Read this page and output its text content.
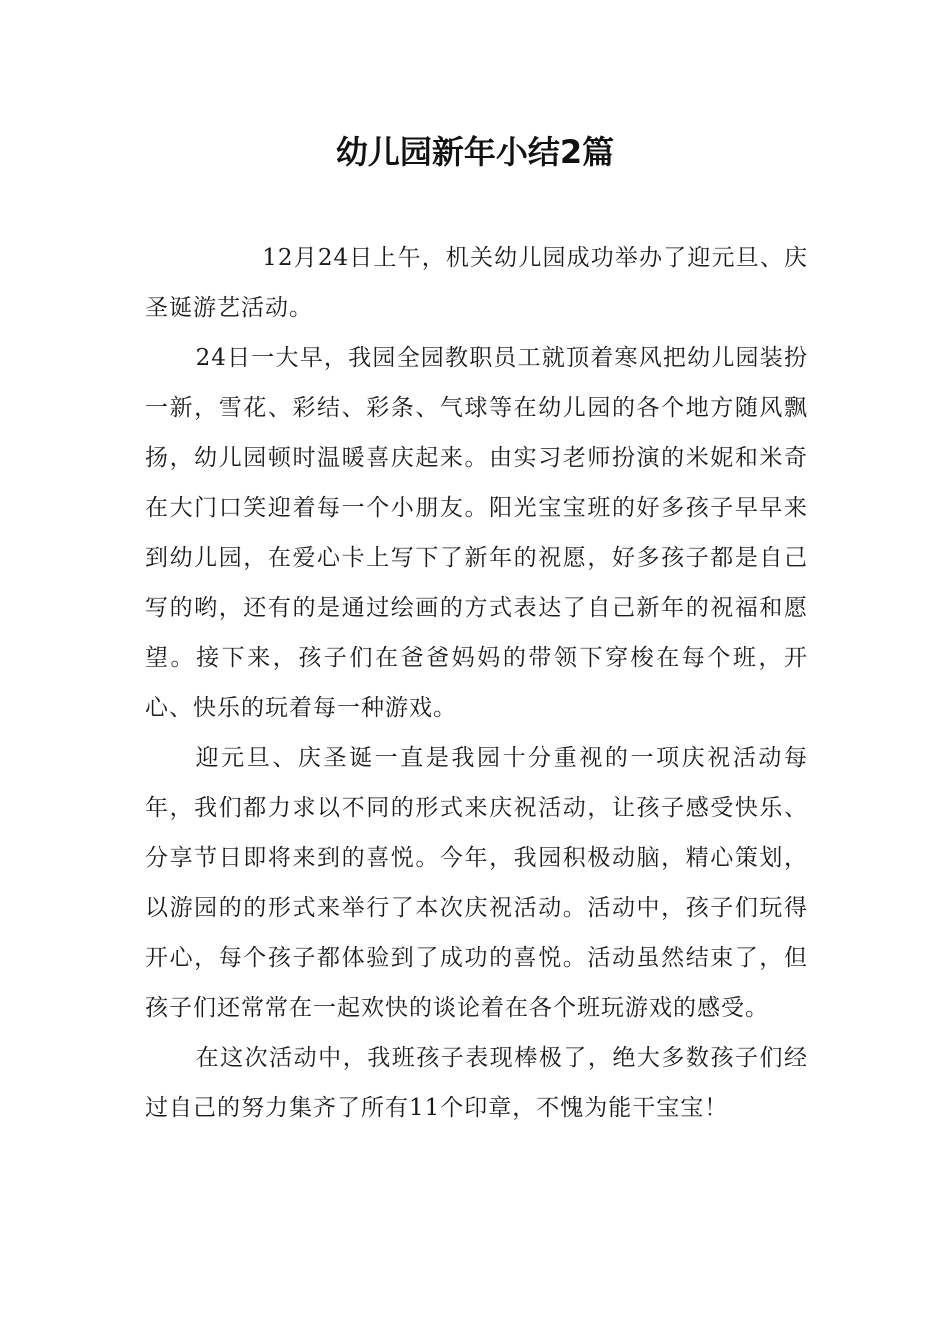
幼儿园新年小结2篇

12月24日上午，机关幼儿园成功举办了迎元旦、庆圣诞游艺活动。

24日一大早，我园全园教职员工就顶着寒风把幼儿园装扮一新，雪花、彩结、彩条、气球等在幼儿园的各个地方随风飘扬，幼儿园顿时温暖喜庆起来。由实习老师扮演的米妮和米奇在大门口笑迎着每一个小朋友。阳光宝宝班的好多孩子早早来到幼儿园，在爱心卡上写下了新年的祝愿，好多孩子都是自己写的哟，还有的是通过绘画的方式表达了自己新年的祝福和愿望。接下来，孩子们在爸爸妈妈的带领下穿梭在每个班，开心、快乐的玩着每一种游戏。

迎元旦、庆圣诞一直是我园十分重视的一项庆祝活动每年，我们都力求以不同的形式来庆祝活动，让孩子感受快乐、分享节日即将来到的喜悦。今年，我园积极动脑，精心策划，以游园的的形式来举行了本次庆祝活动。活动中，孩子们玩得开心，每个孩子都体验到了成功的喜悦。活动虽然结束了，但孩子们还常常在一起欢快的谈论着在各个班玩游戏的感受。

在这次活动中，我班孩子表现棒极了，绝大多数孩子们经过自己的努力集齐了所有11个印章，不愧为能干宝宝！
